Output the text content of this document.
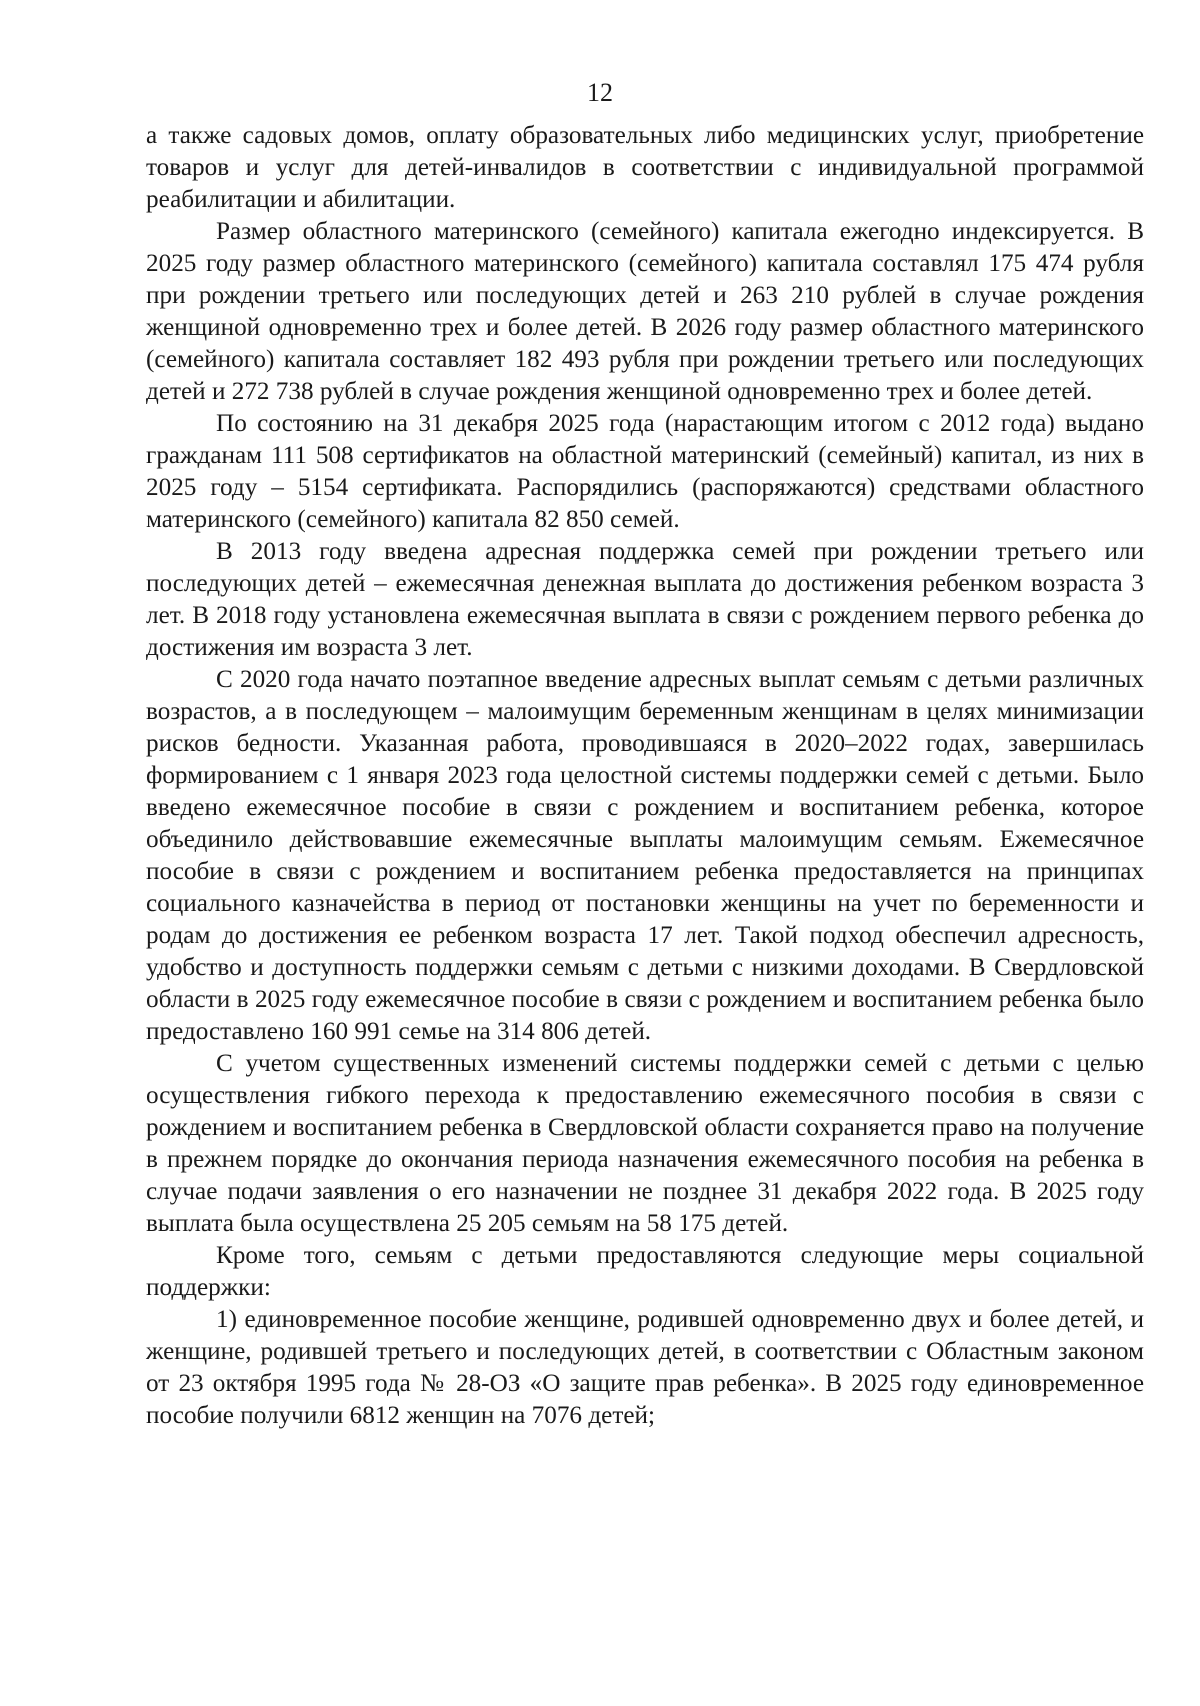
12

а также садовых домов, оплату образовательных либо медицинских услуг, приобретение товаров и услуг для детей-инвалидов в соответствии с индивидуальной программой реабилитации и абилитации.

Размер областного материнского (семейного) капитала ежегодно индексируется. В 2025 году размер областного материнского (семейного) капитала составлял 175 474 рубля при рождении третьего или последующих детей и 263 210 рублей в случае рождения женщиной одновременно трех и более детей. В 2026 году размер областного материнского (семейного) капитала составляет 182 493 рубля при рождении третьего или последующих детей и 272 738 рублей в случае рождения женщиной одновременно трех и более детей.

По состоянию на 31 декабря 2025 года (нарастающим итогом с 2012 года) выдано гражданам 111 508 сертификатов на областной материнский (семейный) капитал, из них в 2025 году – 5154 сертификата. Распорядились (распоряжаются) средствами областного материнского (семейного) капитала 82 850 семей.

В 2013 году введена адресная поддержка семей при рождении третьего или последующих детей – ежемесячная денежная выплата до достижения ребенком возраста 3 лет. В 2018 году установлена ежемесячная выплата в связи с рождением первого ребенка до достижения им возраста 3 лет.

С 2020 года начато поэтапное введение адресных выплат семьям с детьми различных возрастов, а в последующем – малоимущим беременным женщинам в целях минимизации рисков бедности. Указанная работа, проводившаяся в 2020–2022 годах, завершилась формированием с 1 января 2023 года целостной системы поддержки семей с детьми. Было введено ежемесячное пособие в связи с рождением и воспитанием ребенка, которое объединило действовавшие ежемесячные выплаты малоимущим семьям. Ежемесячное пособие в связи с рождением и воспитанием ребенка предоставляется на принципах социального казначейства в период от постановки женщины на учет по беременности и родам до достижения ее ребенком возраста 17 лет. Такой подход обеспечил адресность, удобство и доступность поддержки семьям с детьми с низкими доходами. В Свердловской области в 2025 году ежемесячное пособие в связи с рождением и воспитанием ребенка было предоставлено 160 991 семье на 314 806 детей.

С учетом существенных изменений системы поддержки семей с детьми с целью осуществления гибкого перехода к предоставлению ежемесячного пособия в связи с рождением и воспитанием ребенка в Свердловской области сохраняется право на получение в прежнем порядке до окончания периода назначения ежемесячного пособия на ребенка в случае подачи заявления о его назначении не позднее 31 декабря 2022 года. В 2025 году выплата была осуществлена 25 205 семьям на 58 175 детей.

Кроме того, семьям с детьми предоставляются следующие меры социальной поддержки:

1) единовременное пособие женщине, родившей одновременно двух и более детей, и женщине, родившей третьего и последующих детей, в соответствии с Областным законом от 23 октября 1995 года № 28-ОЗ «О защите прав ребенка». В 2025 году единовременное пособие получили 6812 женщин на 7076 детей;
